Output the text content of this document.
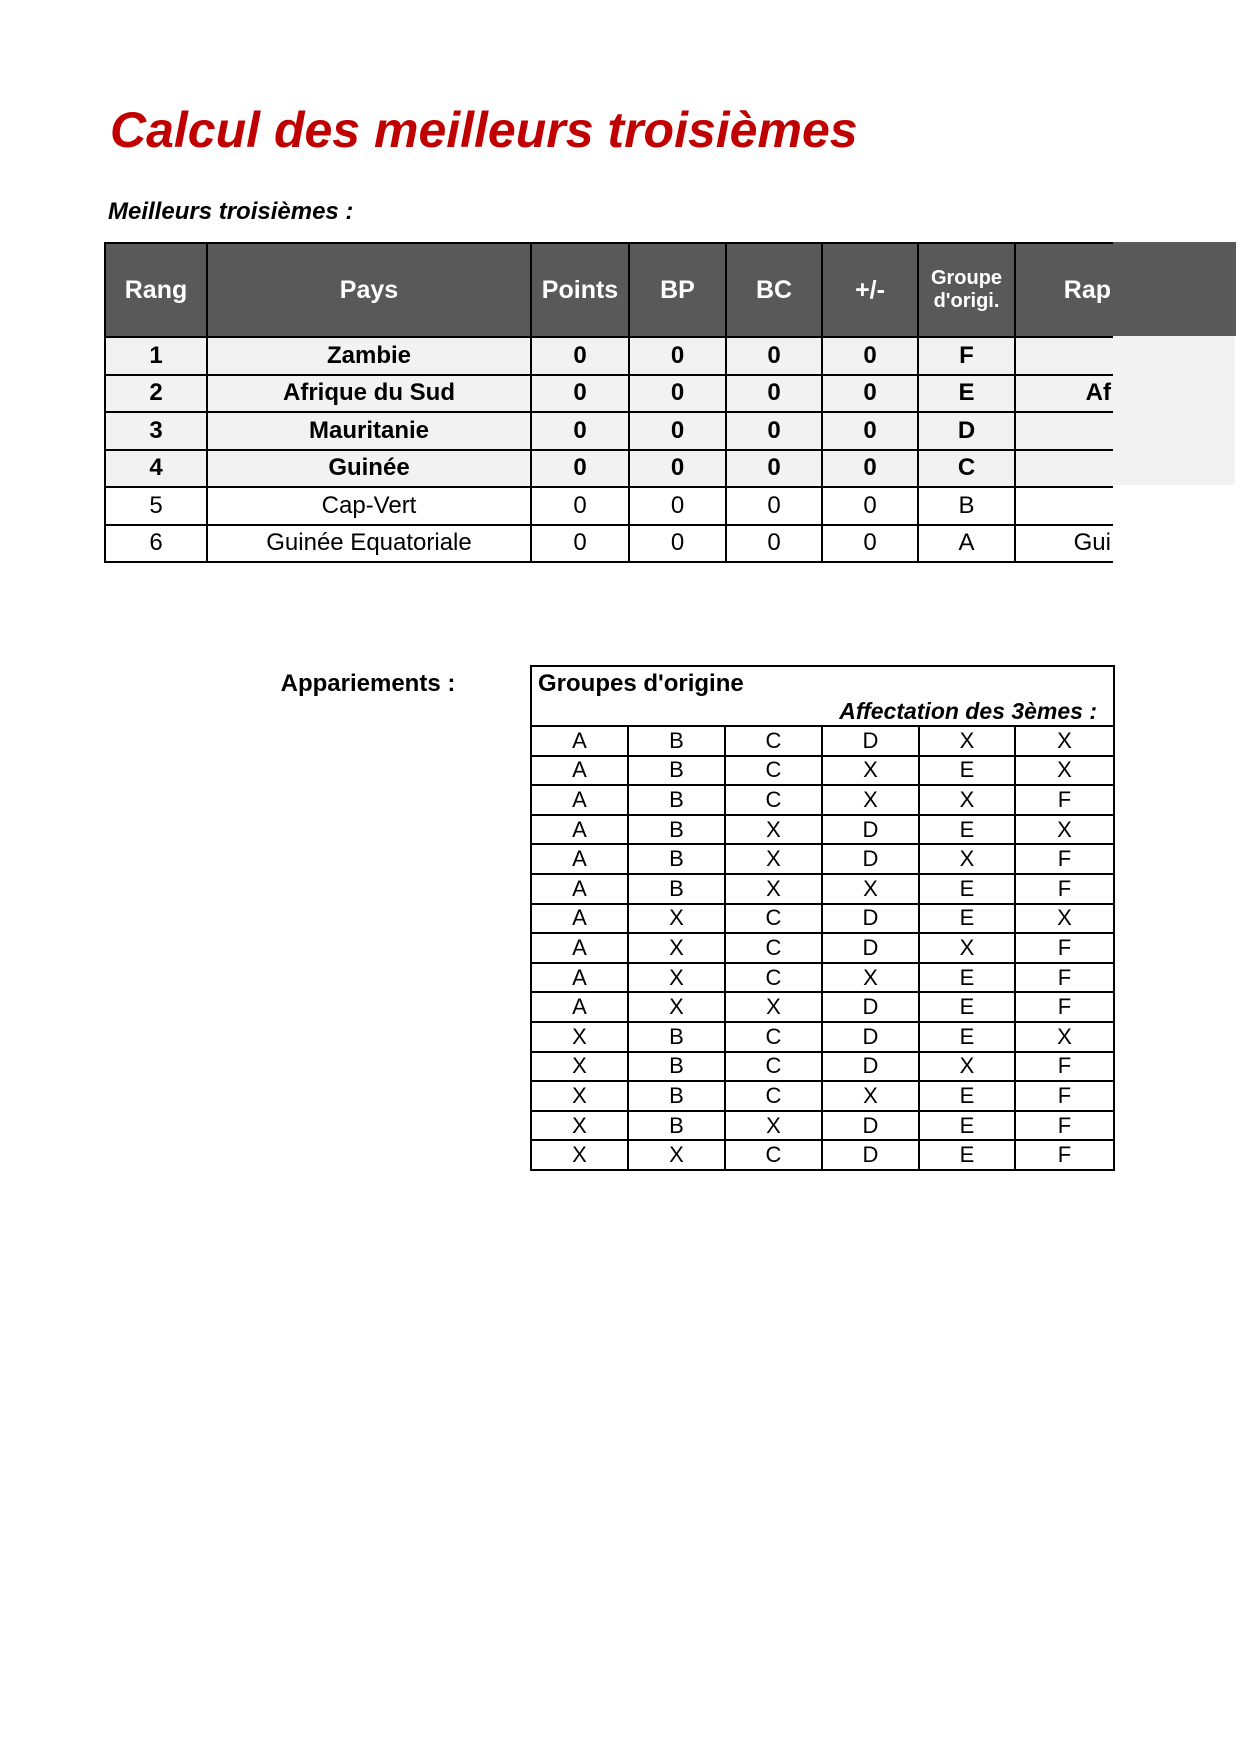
Calcul des meilleurs troisièmes
Meilleurs troisièmes :
Rang	Pays	Points	BP	BC	+/-	Groupe d'origi.	Rap
1	Zambie	0	0	0	0	F	
2	Afrique du Sud	0	0	0	0	E	Af
3	Mauritanie	0	0	0	0	D	
4	Guinée	0	0	0	0	C	
5	Cap-Vert	0	0	0	0	B	
6	Guinée Equatoriale	0	0	0	0	A	Gui
Appariements :	Groupes d'origine
Affectation des 3èmes :					

A	B	C	D	X	X
A	B	C	X	E	X
A	B	C	X	X	F
A	B	X	D	E	X
A	B	X	D	X	F
A	B	X	X	E	F
A	X	C	D	E	X
A	X	C	D	X	F
A	X	C	X	E	F
A	X	X	D	E	F
X	B	C	D	E	X
X	B	C	D	X	F
X	B	C	X	E	F
X	B	X	D	E	F
X	X	C	D	E	F
